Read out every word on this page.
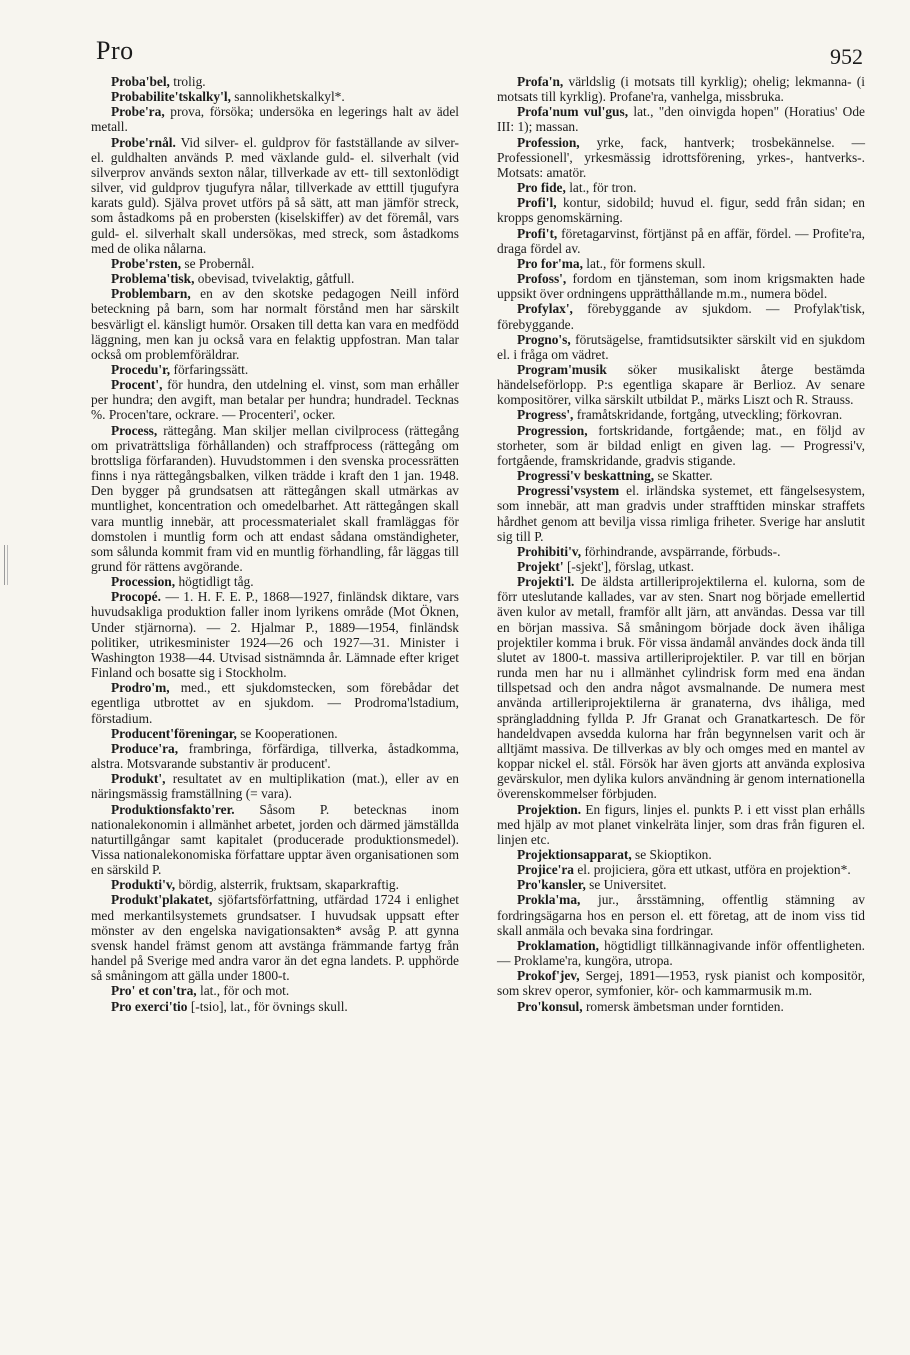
Pro	952

Proba'bel, trolig.

Probabilite'tskalky'l, sannolikhetskalkyl*.

Probe'ra, prova, försöka; undersöka en legerings halt av ädel metall.

Probe'rnål. Vid silver- el. guldprov för fastställande av silver- el. guldhalten används P. med växlande guld- el. silverhalt (vid silverprov används sexton nålar, tillverkade av ett- till sextonlödigt silver, vid guldprov tjugufyra nålar, tillverkade av etttill tjugufyra karats guld). Själva provet utförs på så sätt, att man jämför streck, som åstadkoms på en probersten (kiselskiffer) av det föremål, vars guld- el. silverhalt skall undersökas, med streck, som åstadkoms med de olika nålarna.

Probe'rsten, se Probernål.

Problema'tisk, obevisad, tvivelaktig, gåtfull.

Problembarn, en av den skotske pedagogen Neill införd beteckning på barn, som har normalt förstånd men har särskilt besvärligt el. känsligt humör. Orsaken till detta kan vara en medfödd läggning, men kan ju också vara en felaktig uppfostran. Man talar också om problemföräldrar.

Procedu'r, förfaringssätt.

Procent', för hundra, den utdelning el. vinst, som man erhåller per hundra; den avgift, man betalar per hundra; hundradel. Tecknas %. Procen'tare, ockrare. — Procenteri', ocker.

Process, rättegång. Man skiljer mellan civilprocess (rättegång om privaträttsliga förhållanden) och straffprocess (rättegång om brottsliga förfaranden). Huvudstommen i den svenska processrätten finns i nya rättegångsbalken, vilken trädde i kraft den 1 jan. 1948. Den bygger på grundsatsen att rättegången skall utmärkas av muntlighet, koncentration och omedelbarhet. Att rättegången skall vara muntlig innebär, att processmaterialet skall framläggas för domstolen i muntlig form och att endast sådana omständigheter, som sålunda kommit fram vid en muntlig förhandling, får läggas till grund för rättens avgörande.

Procession, högtidligt tåg.

Procopé. — 1. H. F. E. P., 1868—1927, finländsk diktare, vars huvudsakliga produktion faller inom lyrikens område (Mot Öknen, Under stjärnorna). — 2. Hjalmar P., 1889—1954, finländsk politiker, utrikesminister 1924—26 och 1927—31. Minister i Washington 1938—44. Utvisad sistnämnda år. Lämnade efter kriget Finland och bosatte sig i Stockholm.

Prodro'm, med., ett sjukdomstecken, som förebådar det egentliga utbrottet av en sjukdom. — Prodroma'lstadium, förstadium.

Producent'föreningar, se Kooperationen.

Produce'ra, frambringa, förfärdiga, tillverka, åstadkomma, alstra. Motsvarande substantiv är producent'.

Produkt', resultatet av en multiplikation (mat.), eller av en näringsmässig framställning (= vara).

Produktionsfakto'rer. Såsom P. betecknas inom nationalekonomin i allmänhet arbetet, jorden och därmed jämställda naturtillgångar samt kapitalet (producerade produktionsmedel). Vissa nationalekonomiska författare upptar även organisationen som en särskild P.

Produkti'v, bördig, alsterrik, fruktsam, skaparkraftig.

Produkt'plakatet, sjöfartsförfattning, utfärdad 1724 i enlighet med merkantilsystemets grundsatser. I huvudsak uppsatt efter mönster av den engelska navigationsakten* avsåg P. att gynna svensk handel främst genom att avstänga främmande fartyg från handel på Sverige med andra varor än det egna landets. P. upphörde så småningom att gälla under 1800-t.

Pro' et con'tra, lat., för och mot.

Pro exerci'tio [-tsio], lat., för övnings skull.

Profa'n, världslig (i motsats till kyrklig); ohelig; lekmanna- (i motsats till kyrklig). Profane'ra, vanhelga, missbruka.

Profa'num vul'gus, lat., "den oinvigda hopen" (Horatius' Ode III: 1); massan.

Profession, yrke, fack, hantverk; trosbekännelse. — Professionell', yrkesmässig idrottsförening, yrkes-, hantverks-. Motsats: amatör.

Pro fide, lat., för tron.

Profi'l, kontur, sidobild; huvud el. figur, sedd från sidan; en kropps genomskärning.

Profi't, företagarvinst, förtjänst på en affär, fördel. — Profite'ra, draga fördel av.

Pro for'ma, lat., för formens skull.

Profoss', fordom en tjänsteman, som inom krigsmakten hade uppsikt över ordningens upprätthållande m.m., numera bödel.

Profylax', förebyggande av sjukdom. — Profylak'tisk, förebyggande.

Progno's, förutsägelse, framtidsutsikter särskilt vid en sjukdom el. i fråga om vädret.

Program'musik söker musikaliskt återge bestämda händelseförlopp. P:s egentliga skapare är Berlioz. Av senare kompositörer, vilka särskilt utbildat P., märks Liszt och R. Strauss.

Progress', framåtskridande, fortgång, utveckling; förkovran.

Progression, fortskridande, fortgående; mat., en följd av storheter, som är bildad enligt en given lag. — Progressi'v, fortgående, framskridande, gradvis stigande.

Progressi'v beskattning, se Skatter.

Progressi'vsystem el. irländska systemet, ett fängelsesystem, som innebär, att man gradvis under strafftiden minskar straffets hårdhet genom att bevilja vissa rimliga friheter. Sverige har anslutit sig till P.

Prohibiti'v, förhindrande, avspärrande, förbuds-.

Projekt' [-sjekt'], förslag, utkast.

Projekti'l. De äldsta artilleriprojektilerna el. kulorna, som de förr uteslutande kallades, var av sten. Snart nog började emellertid även kulor av metall, framför allt järn, att användas. Dessa var till en början massiva. Så småningom började dock även ihåliga projektiler komma i bruk. För vissa ändamål användes dock ända till slutet av 1800-t. massiva artilleriprojektiler. P. var till en början runda men har nu i allmänhet cylindrisk form med ena ändan tillspetsad och den andra något avsmalnande. De numera mest använda artilleriprojektilerna är granaterna, dvs ihåliga, med sprängladdning fyllda P. Jfr Granat och Granatkartesch. De för handeldvapen avsedda kulorna har från begynnelsen varit och är alltjämt massiva. De tillverkas av bly och omges med en mantel av koppar nickel el. stål. Försök har även gjorts att använda explosiva gevärskulor, men dylika kulors användning är genom internationella överenskommelser förbjuden.

Projektion. En figurs, linjes el. punkts P. i ett visst plan erhålls med hjälp av mot planet vinkelräta linjer, som dras från figuren el. linjen etc.

Projektionsapparat, se Skioptikon.

Projice'ra el. projiciera, göra ett utkast, utföra en projektion*.

Pro'kansler, se Universitet.

Prokla'ma, jur., årsstämning, offentlig stämning av fordringsägarna hos en person el. ett företag, att de inom viss tid skall anmäla och bevaka sina fordringar.

Proklamation, högtidligt tillkännagivande inför offentligheten. — Proklame'ra, kungöra, utropa.

Prokof'jev, Sergej, 1891—1953, rysk pianist och kompositör, som skrev operor, symfonier, kör- och kammarmusik m.m.

Pro'konsul, romersk ämbetsman under forntiden.
